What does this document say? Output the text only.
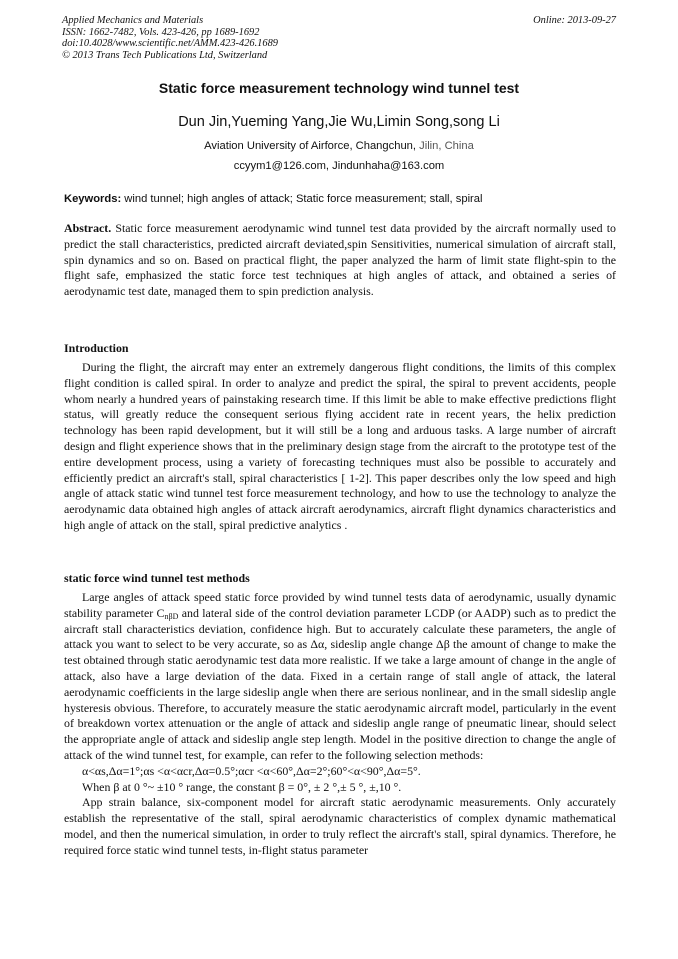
Applied Mechanics and Materials
ISSN: 1662-7482, Vols. 423-426, pp 1689-1692
doi:10.4028/www.scientific.net/AMM.423-426.1689
© 2013 Trans Tech Publications Ltd, Switzerland
Online: 2013-09-27
Static force measurement technology wind tunnel test
Dun Jin,Yueming Yang,Jie Wu,Limin Song,song Li
Aviation University of Airforce, Changchun, Jilin, China
ccyym1@126.com, Jindunhaha@163.com
Keywords: wind tunnel; high angles of attack; Static force measurement; stall, spiral

Abstract. Static force measurement aerodynamic wind tunnel test data provided by the aircraft normally used to predict the stall characteristics, predicted aircraft deviated,spin Sensitivities, numerical simulation of aircraft stall, spin dynamics and so on. Based on practical flight, the paper analyzed the harm of limit state flight-spin to the flight safe, emphasized the static force test techniques at high angles of attack, and obtained a series of aerodynamic test date, managed them to spin prediction analysis.

Introduction

During the flight, the aircraft may enter an extremely dangerous flight conditions, the limits of this complex flight condition is called spiral. In order to analyze and predict the spiral, the spiral to prevent accidents, people whom nearly a hundred years of painstaking research time. If this limit be able to make effective predictions flight status, will greatly reduce the consequent serious flying accident rate in recent years, the helix prediction technology has been rapid development, but it will still be a long and arduous tasks. A large number of aircraft design and flight experience shows that in the preliminary design stage from the aircraft to the prototype test of the entire development process, using a variety of forecasting techniques must also be possible to accurately and efficiently predict an aircraft's stall, spiral characteristics [ 1-2]. This paper describes only the low speed and high angle of attack static wind tunnel test force measurement technology, and how to use the technology to analyze the aerodynamic data obtained high angles of attack aircraft aerodynamics, aircraft flight dynamics characteristics and high angle of attack on the stall, spiral predictive analytics .

static force wind tunnel test methods

Large angles of attack speed static force provided by wind tunnel tests data of aerodynamic, usually dynamic stability parameter $C_{n\beta D}$ and lateral side of the control deviation parameter LCDP (or AADP) such as to predict the aircraft stall characteristics deviation, confidence high. But to accurately calculate these parameters, the angle of attack you want to select to be very accurate, so as Δα, sideslip angle change Δβ the amount of change to make the test obtained through static aerodynamic test data more realistic. If we take a large amount of change in the angle of attack, also have a large deviation of the data. Fixed in a certain range of stall angle of attack, the lateral aerodynamic coefficients in the large sideslip angle when there are serious nonlinear, and in the small sideslip angle hysteresis obvious. Therefore, to accurately measure the static aerodynamic aircraft model, particularly in the event of breakdown vortex attenuation or the angle of attack and sideslip angle range of pneumatic linear, should select the appropriate angle of attack and sideslip angle step length. Model in the positive direction to change the angle of attack of the wind tunnel test, for example, can refer to the following selection methods:

α<αs,Δα=1°;αs <α<αcr,Δα=0.5°;αcr <α<60°,Δα=2°;60°<α<90°,Δα=5°.

When β at 0 °~ ±10 ° range, the constant β = 0°, ± 2 °,± 5 °, ±,10 °.

App strain balance, six-component model for aircraft static aerodynamic measurements. Only accurately establish the representative of the stall, spiral aerodynamic characteristics of complex dynamic mathematical model, and then the numerical simulation, in order to truly reflect the aircraft's stall, spiral dynamics. Therefore, he required force static wind tunnel tests, in-flight status parameter
